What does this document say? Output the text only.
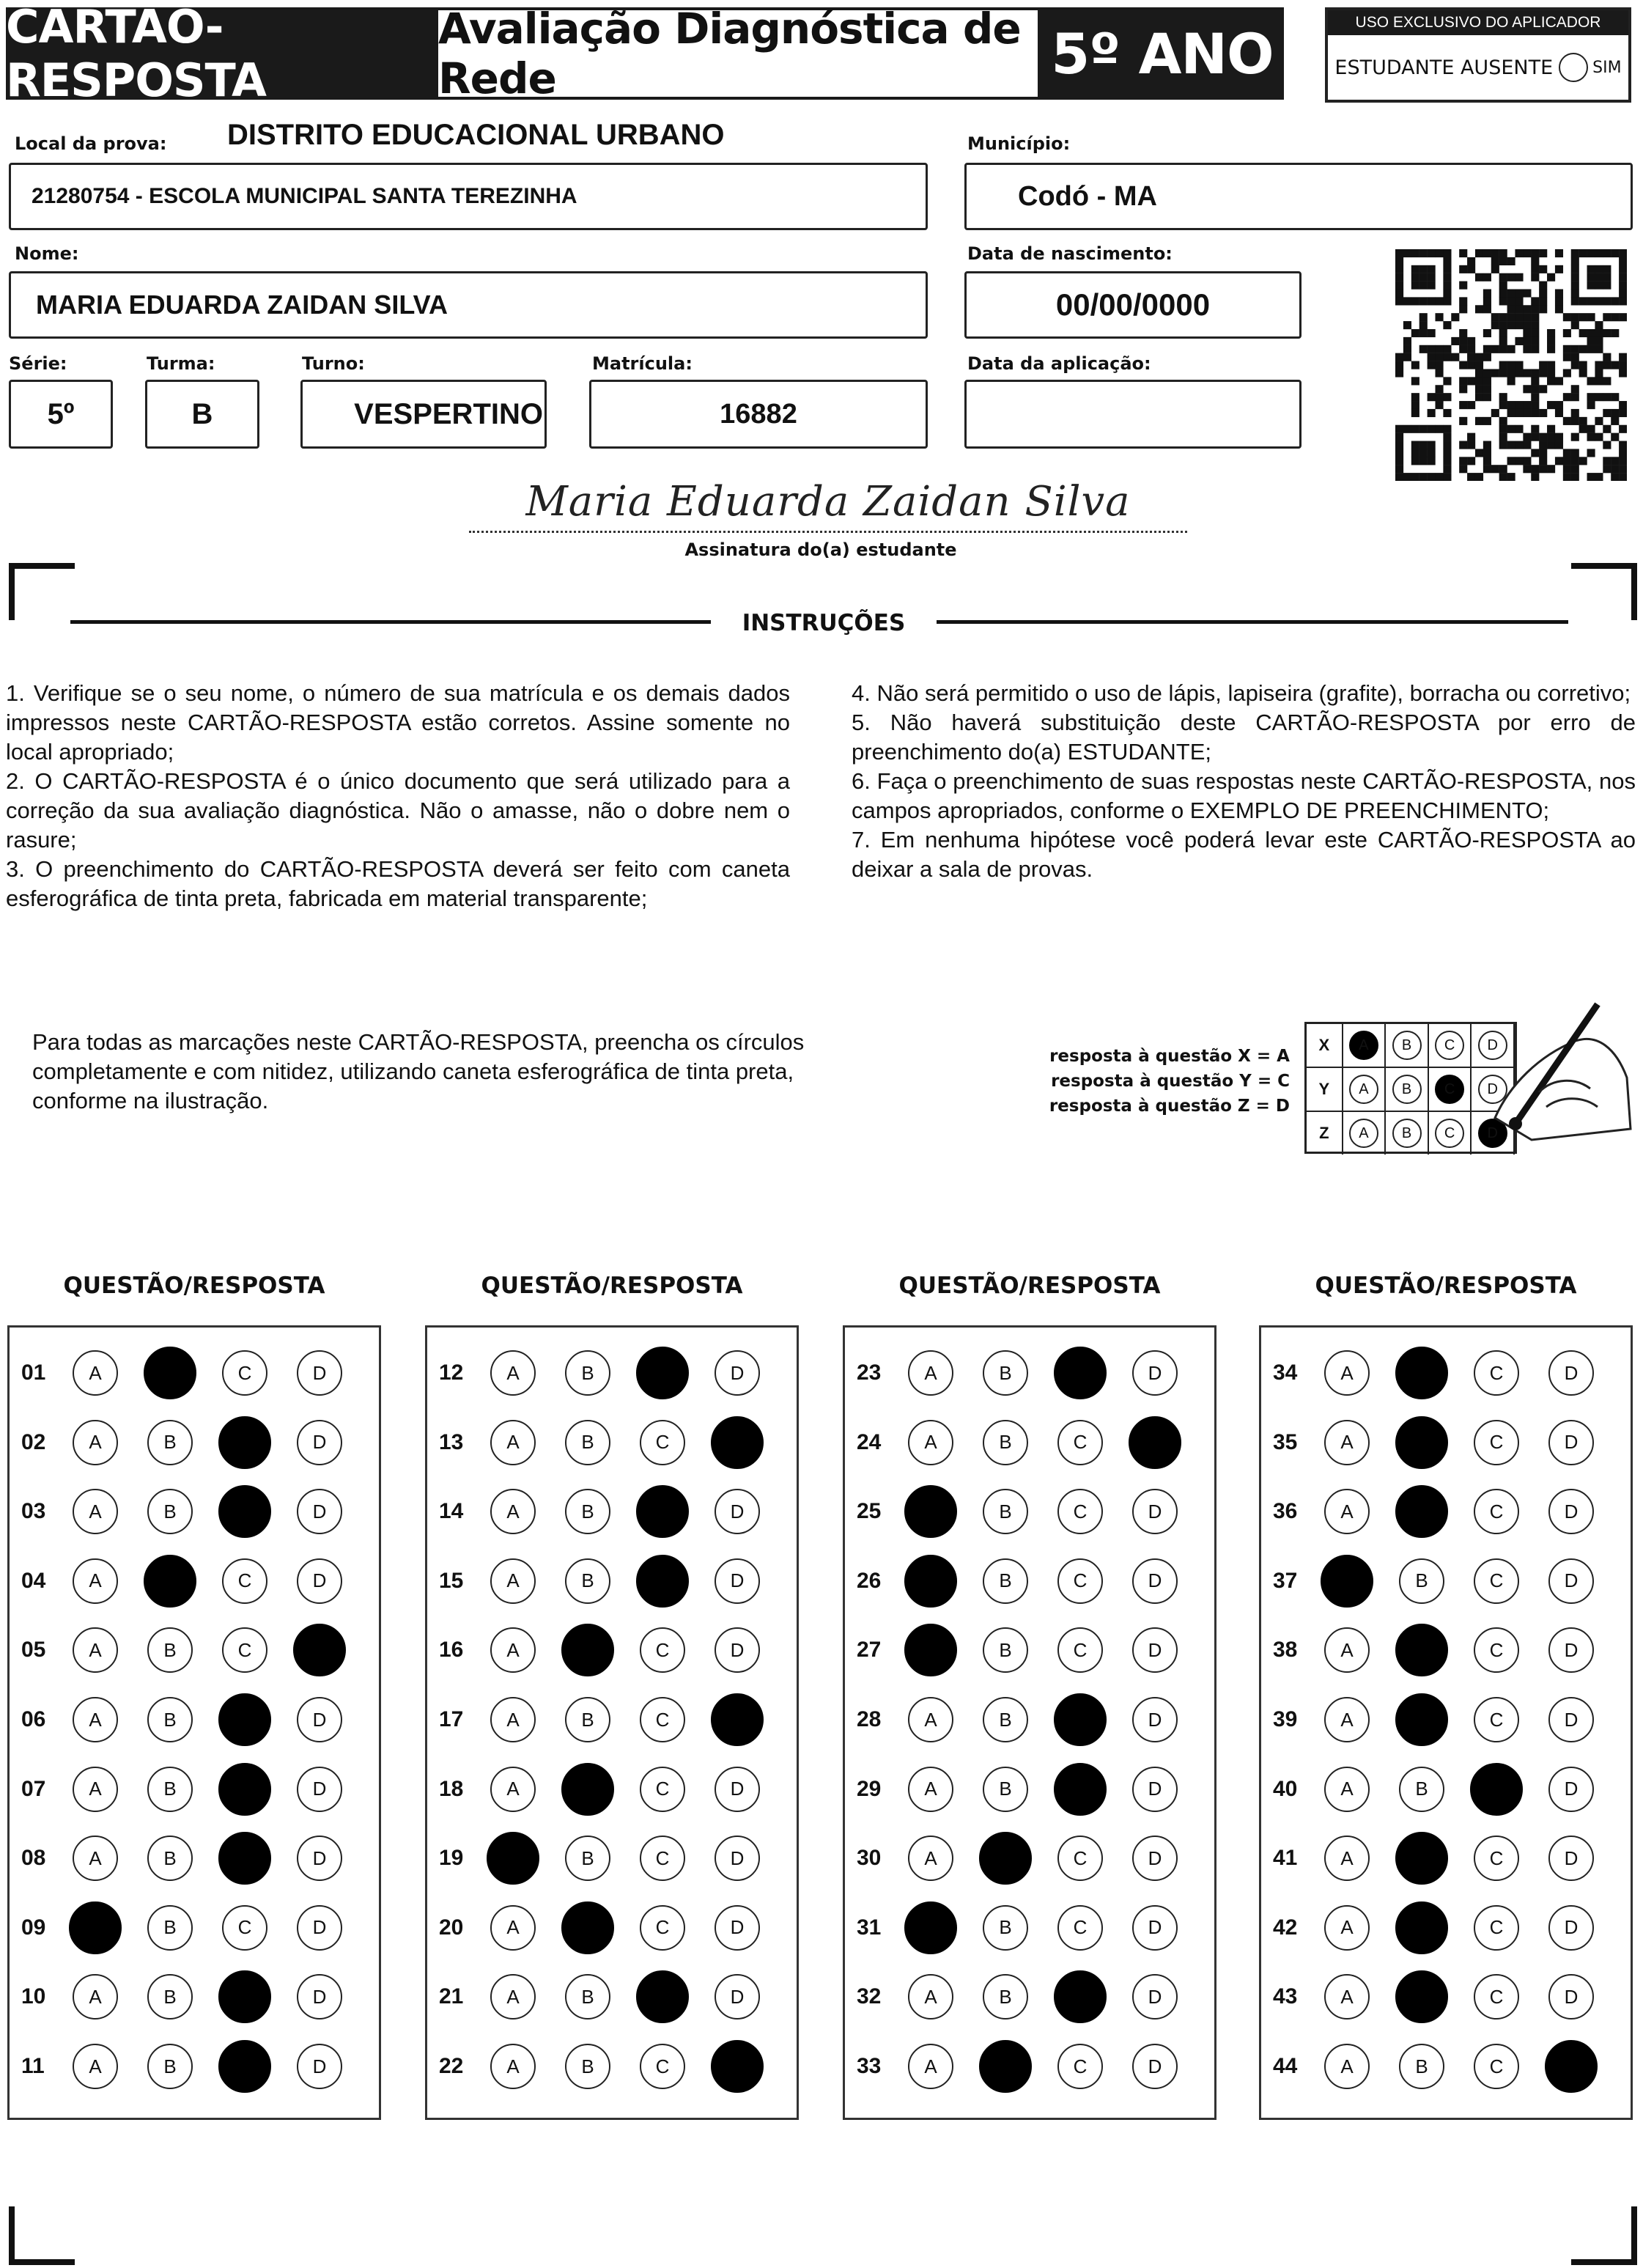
CARTÃO-RESPOSTA
Avaliação Diagnóstica de Rede	5º ANO	USO EXCLUSIVO DO APLICADOR
ESTUDANTE AUSENTE SIM
Local da prova: DISTRITO EDUCACIONAL URBANO
21280754 - ESCOLA MUNICIPAL SANTA TEREZINHA
Município:
Codó - MA
Nome:
MARIA EDUARDA ZAIDAN SILVA
Data de nascimento:
00/00/0000
Série:
5º
Turma:
B
Turno:
VESPERTINO
Matrícula:
16882
Data da aplicação:
Maria Eduarda Zaidan Silva
Assinatura do(a) estudante
INSTRUÇÕES

1. Verifique se o seu nome, o número de sua matrícula e os demais dados impressos neste CARTÃO-RESPOSTA estão corretos. Assine somente no local apropriado;

2. O CARTÃO-RESPOSTA é o único documento que será utilizado para a correção da sua avaliação diagnóstica. Não o amasse, não o dobre nem o rasure;

3. O preenchimento do CARTÃO-RESPOSTA deverá ser feito com caneta esferográfica de tinta preta, fabricada em material transparente;

4. Não será permitido o uso de lápis, lapiseira (grafite), borracha ou corretivo;

5. Não haverá substituição deste CARTÃO-RESPOSTA por erro de preenchimento do(a) ESTUDANTE;

6. Faça o preenchimento de suas respostas neste CARTÃO-RESPOSTA, nos campos apropriados, conforme o EXEMPLO DE PREENCHIMENTO;

7. Em nenhuma hipótese você poderá levar este CARTÃO-RESPOSTA ao deixar a sala de provas.

Para todas as marcações neste CARTÃO-RESPOSTA, preencha os círculos completamente e com nitidez, utilizando caneta esferográfica de tinta preta, conforme na ilustração.
resposta à questão X = A
resposta à questão Y = C
resposta à questão Z = D
X	A	B	C	D
Y	A	B	C	D
Z	A	B	C	D
QUESTÃO/RESPOSTA
01	A	B	C	D
02	A	B	C	D
03	A	B	C	D
04	A	B	C	D
05	A	B	C	D
06	A	B	C	D
07	A	B	C	D
08	A	B	C	D
09	A	B	C	D
10	A	B	C	D
11	A	B	C	D
QUESTÃO/RESPOSTA
12	A	B	C	D
13	A	B	C	D
14	A	B	C	D
15	A	B	C	D
16	A	B	C	D
17	A	B	C	D
18	A	B	C	D
19	A	B	C	D
20	A	B	C	D
21	A	B	C	D
22	A	B	C	D
QUESTÃO/RESPOSTA
23	A	B	C	D
24	A	B	C	D
25	A	B	C	D
26	A	B	C	D
27	A	B	C	D
28	A	B	C	D
29	A	B	C	D
30	A	B	C	D
31	A	B	C	D
32	A	B	C	D
33	A	B	C	D
QUESTÃO/RESPOSTA
34	A	B	C	D
35	A	B	C	D
36	A	B	C	D
37	A	B	C	D
38	A	B	C	D
39	A	B	C	D
40	A	B	C	D
41	A	B	C	D
42	A	B	C	D
43	A	B	C	D
44	A	B	C	D
